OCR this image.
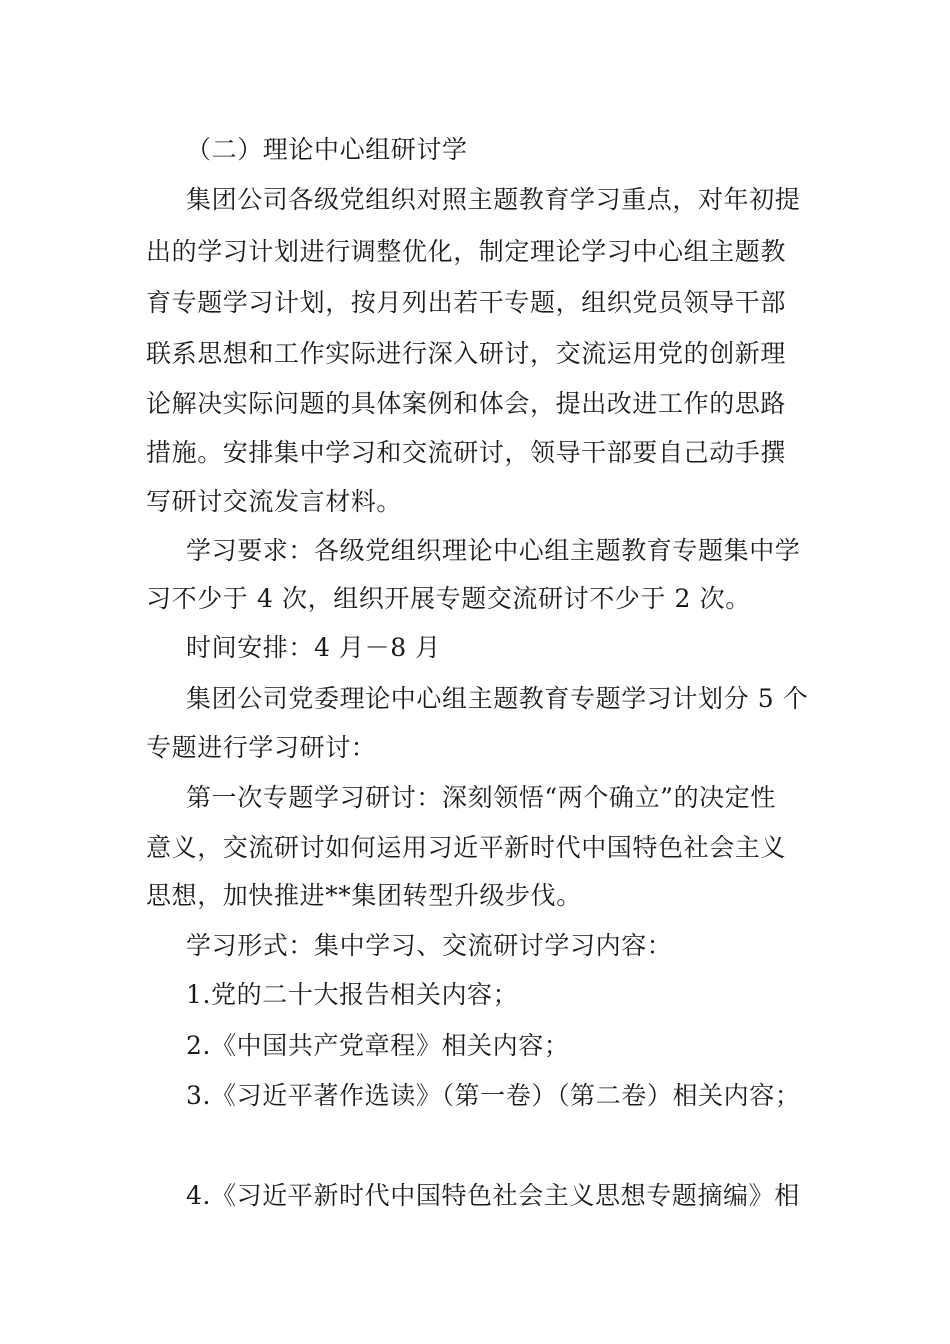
（二）理论中心组研讨学
集团公司各级党组织对照主题教育学习重点，对年初提
出的学习计划进行调整优化，制定理论学习中心组主题教
育专题学习计划，按月列出若干专题，组织党员领导干部
联系思想和工作实际进行深入研讨，交流运用党的创新理
论解决实际问题的具体案例和体会，提出改进工作的思路
措施。安排集中学习和交流研讨，领导干部要自己动手撰
写研讨交流发言材料。
学习要求：各级党组织理论中心组主题教育专题集中学
习不少于 4 次，组织开展专题交流研讨不少于 2 次。
时间安排：4 月－8 月
集团公司党委理论中心组主题教育专题学习计划分 5 个
专题进行学习研讨：
第一次专题学习研讨：深刻领悟“两个确立”的决定性
意义，交流研讨如何运用习近平新时代中国特色社会主义
思想，加快推进**集团转型升级步伐。
学习形式：集中学习、交流研讨学习内容：
1.党的二十大报告相关内容；
2.《中国共产党章程》相关内容；
3.《习近平著作选读》（第一卷）（第二卷）相关内容；
4.《习近平新时代中国特色社会主义思想专题摘编》相
